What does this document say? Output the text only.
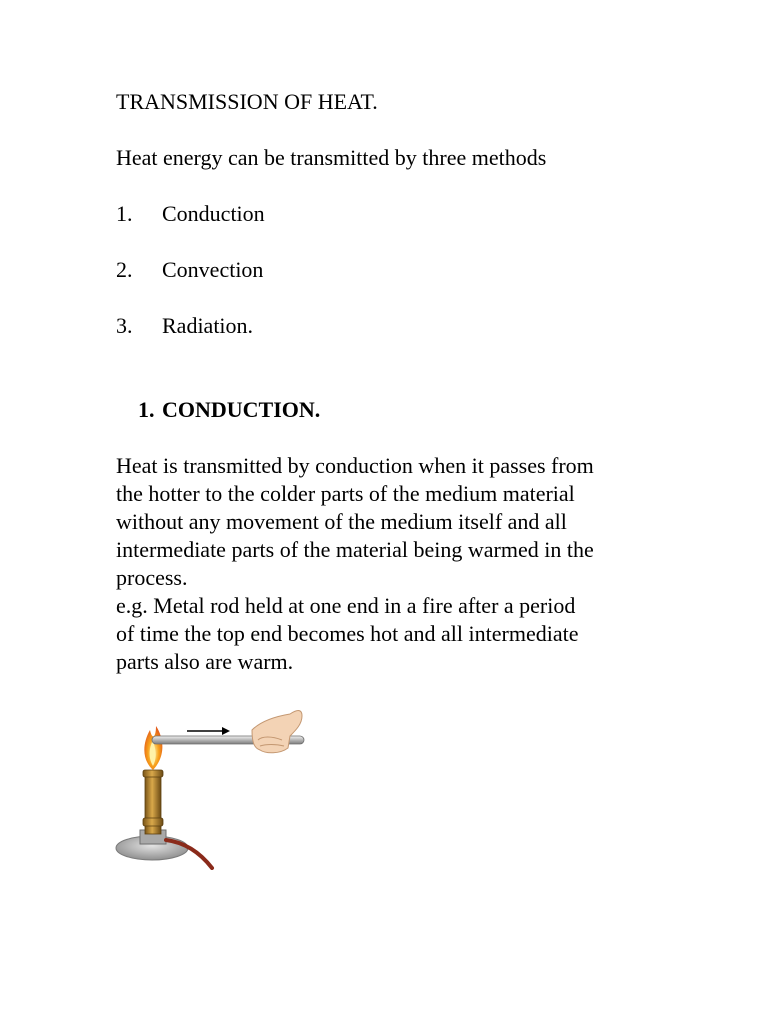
TRANSMISSION OF HEAT.
Heat energy can be transmitted by three methods
1. Conduction
2. Convection
3. Radiation.
1. CONDUCTION.
Heat is transmitted by conduction when it passes from
the hotter to the colder parts of the medium material
without any movement of the medium itself and all
intermediate parts of the material being warmed in the
process.
e.g. Metal rod held at one end in a fire after a period
of time the top end becomes hot and all intermediate
parts also are warm.
